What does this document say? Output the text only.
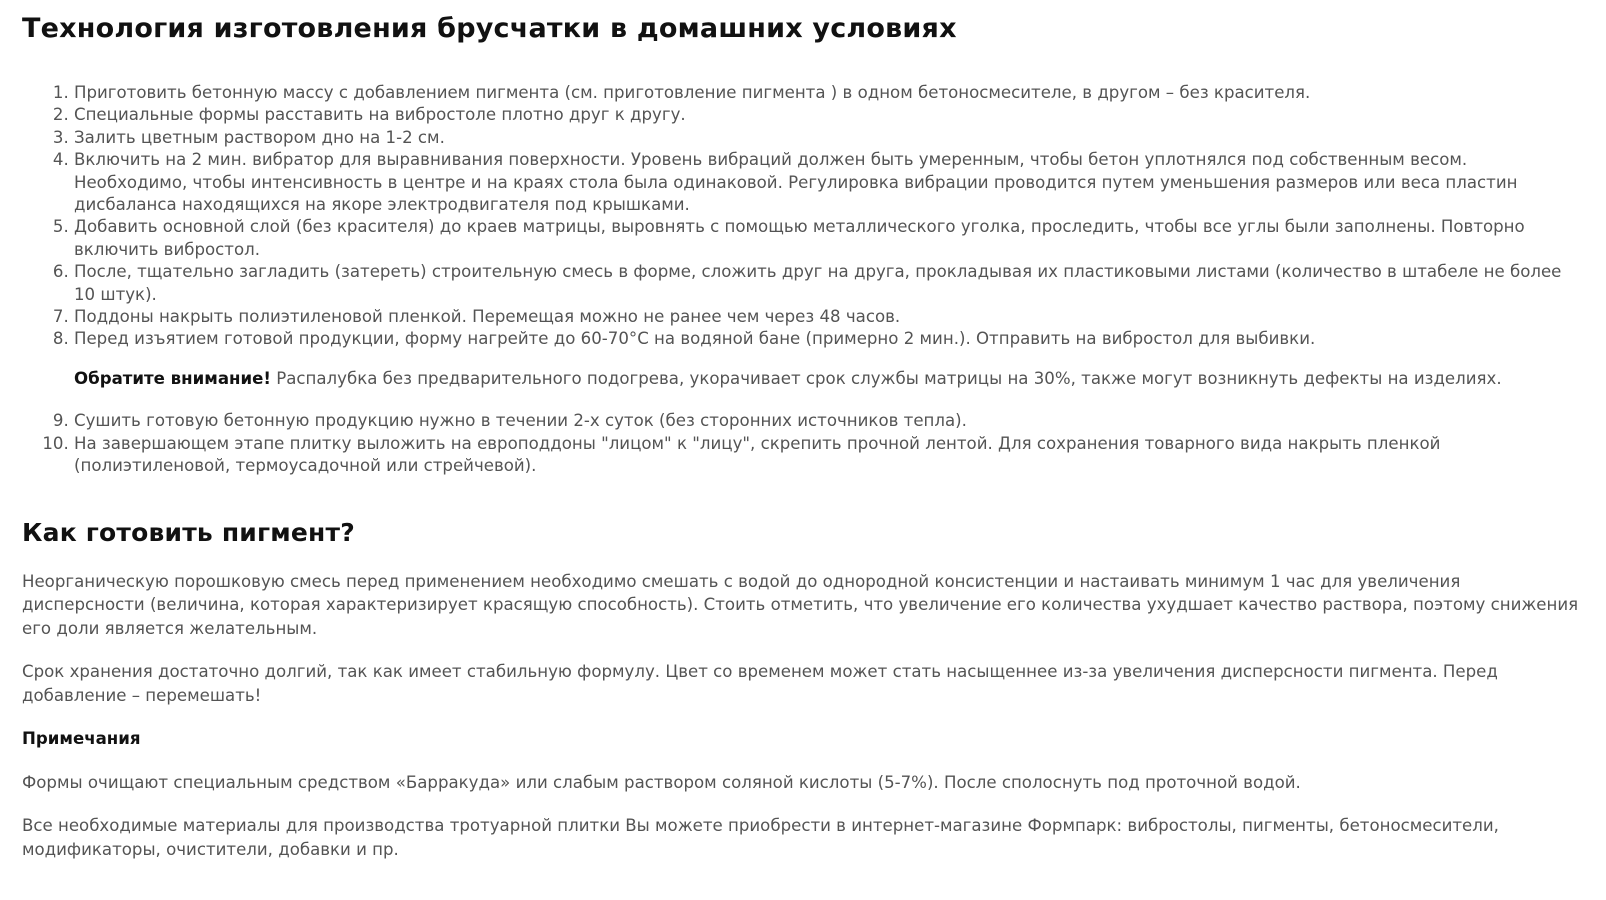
Технология изготовления брусчатки в домашних условиях
1. Приготовить бетонную массу с добавлением пигмента (см. приготовление пигмента ) в одном бетоносмесителе, в другом – без красителя.
2. Специальные формы расставить на вибростоле плотно друг к другу.
3. Залить цветным раствором дно на 1-2 см.
4. Включить на 2 мин. вибратор для выравнивания поверхности. Уровень вибраций должен быть умеренным, чтобы бетон уплотнялся под собственным весом. Необходимо, чтобы интенсивность в центре и на краях стола была одинаковой. Регулировка вибрации проводится путем уменьшения размеров или веса пластин дисбаланса находящихся на якоре электродвигателя под крышками.
5. Добавить основной слой (без красителя) до краев матрицы, выровнять с помощью металлического уголка, проследить, чтобы все углы были заполнены. Повторно включить вибростол.
6. После, тщательно загладить (затереть) строительную смесь в форме, сложить друг на друга, прокладывая их пластиковыми листами (количество в штабеле не более 10 штук).
7. Поддоны накрыть полиэтиленовой пленкой. Перемещая можно не ранее чем через 48 часов.
8. Перед изъятием готовой продукции, форму нагрейте до 60-70°C на водяной бане (примерно 2 мин.). Отправить на вибростол для выбивки.
Обратите внимание! Распалубка без предварительного подогрева, укорачивает срок службы матрицы на 30%, также могут возникнуть дефекты на изделиях.
9. Сушить готовую бетонную продукцию нужно в течении 2-х суток (без сторонних источников тепла).
10. На завершающем этапе плитку выложить на европоддоны "лицом" к "лицу", скрепить прочной лентой. Для сохранения товарного вида накрыть пленкой (полиэтиленовой, термоусадочной или стрейчевой).
Как готовить пигмент?

Неорганическую порошковую смесь перед применением необходимо смешать с водой до однородной консистенции и настаивать минимум 1 час для увеличения дисперсности (величина, которая характеризирует красящую способность). Стоить отметить, что увеличение его количества ухудшает качество раствора, поэтому снижения его доли является желательным.

Срок хранения достаточно долгий, так как имеет стабильную формулу. Цвет со временем может стать насыщеннее из-за увеличения дисперсности пигмента. Перед добавление – перемешать!

Примечания

Формы очищают специальным средством «Барракуда» или слабым раствором соляной кислоты (5-7%). После сполоснуть под проточной водой.

Все необходимые материалы для производства тротуарной плитки Вы можете приобрести в интернет-магазине Формпарк: вибростолы, пигменты, бетоносмесители, модификаторы, очистители, добавки и пр.
